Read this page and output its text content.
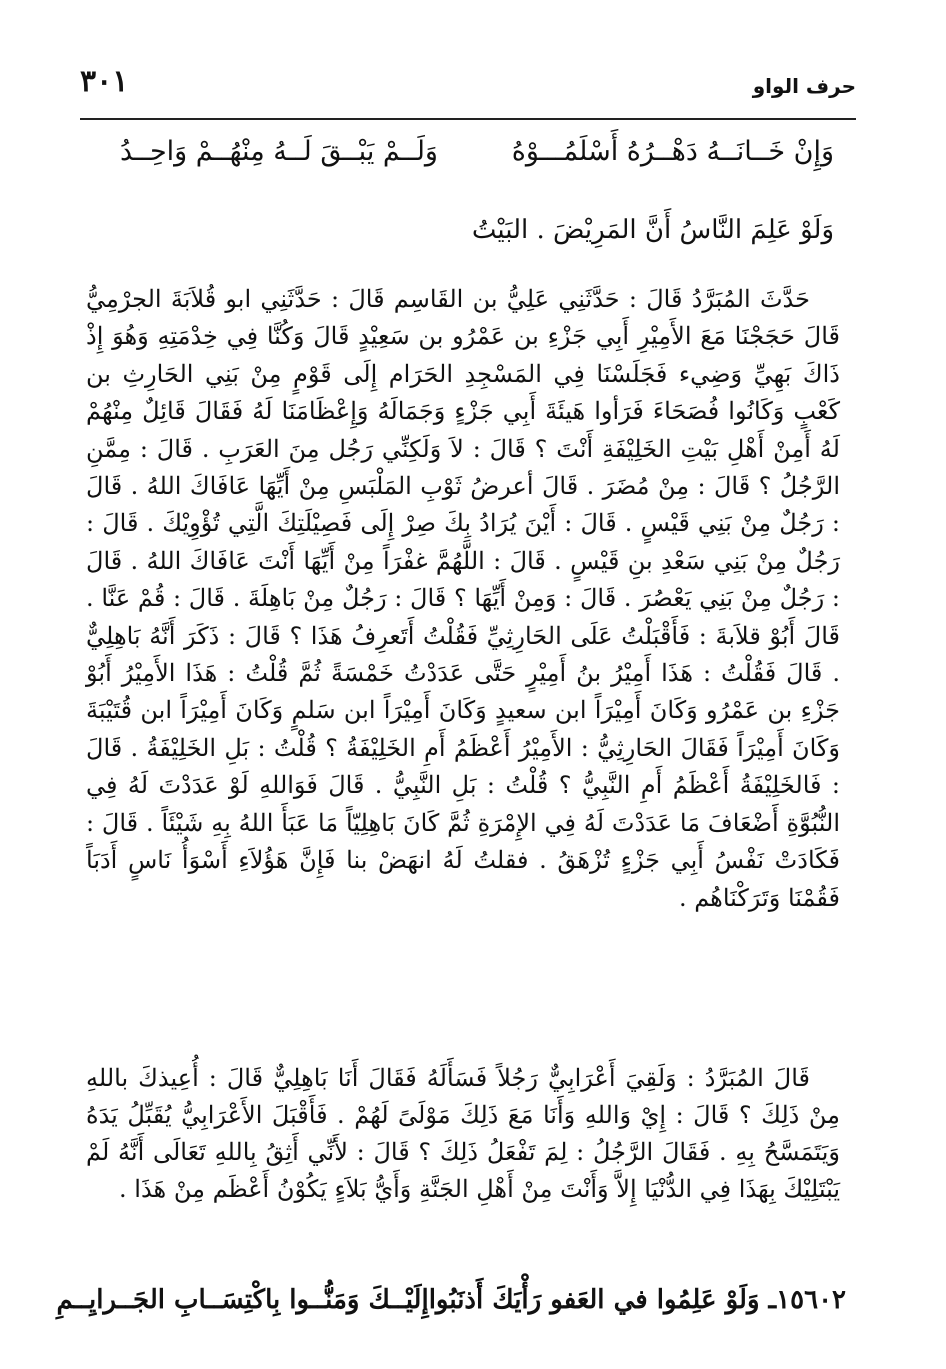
حرف الواو
٣٠١
وَإِنْ خَــانَــهُ دَهْــرُهُ أَسْلَمُـــوْهُ
وَلَــمْ يَبْــقَ لَــهُ مِنْهُــمْ وَاحِــدُ
وَلَوْ عَلِمَ النَّاسُ أَنَّ المَرِيْضَ . البَيْتُ
حَدَّثَ المُبَرَّدُ قَالَ : حَدَّثَنِي عَلِيُّ بن القَاسِم قَالَ : حَدَّثَنِي ابو قُلاَبَةَ الجرْمِيُّ قَالَ حَجَجْنَا مَعَ الأَمِيْرِ أَبِي جَزْءِ بن عَمْرُو بن سَعِيْدٍ قَالَ وَكُنَّا فِي خِدْمَتِهِ وَهُوَ إِذْ ذَاكَ بَهِيِّ وَضِيء فَجَلَسْنَا فِي المَسْجِدِ الحَرَام إِلَى قَوْمٍ مِنْ بَنِي الحَارِثِ بن كَعْبٍ وَكَانُوا فُصَحَاءَ فَرَأوا هَيئَةَ أَبِي جَزْءٍ وَجَمَالَهُ وَإِعْظَامَنَا لَهُ فَقَالَ قَائِلٌ مِنْهُمْ لَهُ أَمِنْ أَهْلِ بَيْتِ الخَلِيْفَةِ أَنْتَ ؟ قَالَ : لاَ وَلَكِنِّي رَجُل مِنَ العَرَبِ . قَالَ : مِمَّنِ الرَّجُلُ ؟ قَالَ : مِنْ مُضَرَ . قَالَ أعرضُ ثَوْبِ المَلْبَسِ مِنْ أَيِّهَا عَافَاكَ اللهُ . قَالَ : رَجُلٌ مِنْ بَنِي قَيْسٍ . قَالَ : أَيْنَ يُرَادُ بِكَ صِرْ إِلَى فَصِيْلَتِكَ الَّتِي تُؤْوِيْكَ . قَالَ : رَجُلٌ مِنْ بَنِي سَعْدِ بنِ قَيْسٍ . قَالَ : اللَّهُمَّ غفْرَاً مِنْ أَيِّهَا أَنْتَ عَافَاكَ اللهُ . قَالَ : رَجُلٌ مِنْ بَنِي يَعْصُرَ . قَالَ : وَمِنْ أَيِّهَا ؟ قَالَ : رَجُلٌ مِنْ بَاهِلَةَ . قَالَ : قُمْ عَنَّا . قَالَ أَبُوْ قلاَبةَ : فَأَقْبَلْتُ عَلَى الحَارِثِيِّ فَقُلْتُ أَتَعرِفُ هَذَا ؟ قَالَ : ذَكَرَ أَنَّهُ بَاهِلِيٌّ . قَالَ فَقُلْتُ : هَذَا أَمِيْرُ بنُ أَمِيْرٍ حَتَّى عَدَدْتُ خَمْسَةً ثُمَّ قُلْتُ : هَذَا الأَمِيْرُ أَبُوْ جَزْءِ بن عَمْرُو وَكَانَ أَمِيْرَاً ابن سعيدٍ وَكَانَ أَمِيْرَاً ابن سَلمٍ وَكَانَ أَمِيْرَاً ابن قُتَيْبَةَ وَكَانَ أَمِيْرَاً فَقَالَ الحَارِثِيُّ : الأَمِيْرُ أَعْظَمُ أَمِ الخَلِيْفَةُ ؟ قُلْتُ : بَلِ الخَلِيْفَةُ . قَالَ : فَالخَلِيْفَةُ أَعْظَمُ أَمِ النَّبِيُّ ؟ قُلْتُ : بَلِ النَّبِيُّ . قَالَ فَوَاللهِ لَوْ عَدَدْتَ لَهُ فِي النُّبُوَّةِ أَضْعَافَ مَا عَدَدْتَ لَهُ فِي الإِمْرَةِ ثُمَّ كَانَ بَاهِلِيّاً مَا عَبَأَ اللهُ بِهِ شَيْئَاً . قَالَ : فَكَادَتْ نَفْسُ أَبِي جَزْءٍ تُزْهَقُ . فقلتُ لَهُ انهَضْ بنا فَإِنَّ هَؤُلاَءِ أَسْوَأُ نَاسٍ أَدَبَاً فَقُمْنَا وَتَرَكْنَاهُم .
قَالَ المُبَرَّدُ : وَلَقِيَ أَعْرَابِيٌّ رَجُلاً فَسَأَلَهُ فَقَالَ أَنَا بَاهِلِيٌّ قَالَ : أُعِيذكَ باللهِ مِنْ ذَلِكَ ؟ قَالَ : إِيْ وَاللهِ وَأَنَا مَعَ ذَلِكَ مَوْلَىً لَهُمْ . فَأَقْبَلَ الأَعْرَابِيُّ يُقَبِّلُ يَدَهُ وَيَتَمَسَّحُ بِهِ . فَقَالَ الرَّجُلُ : لِمَ تَفْعَلُ ذَلِكَ ؟ قَالَ : لأَنِّي أَثِقُ بِاللهِ تَعَالَى أَنَّهُ لَمْ يَبْتَلِيْكَ بِهَذَا فِي الدُّنْيَا إِلاَّ وَأَنْتَ مِنْ أَهْلِ الجَنَّةِ وَأَيُّ بَلاَءٍ يَكُوْنُ أَعْظَم مِنْ هَذَا .
١٥٦٠٢ـ وَلَوْ عَلِمُوا في العَفو رَأْيَكَ أَذنَبُوا
إِلَيْــكَ وَمَنُّــوا بِاكْتِسَــابِ الجَــرايِــمِ
